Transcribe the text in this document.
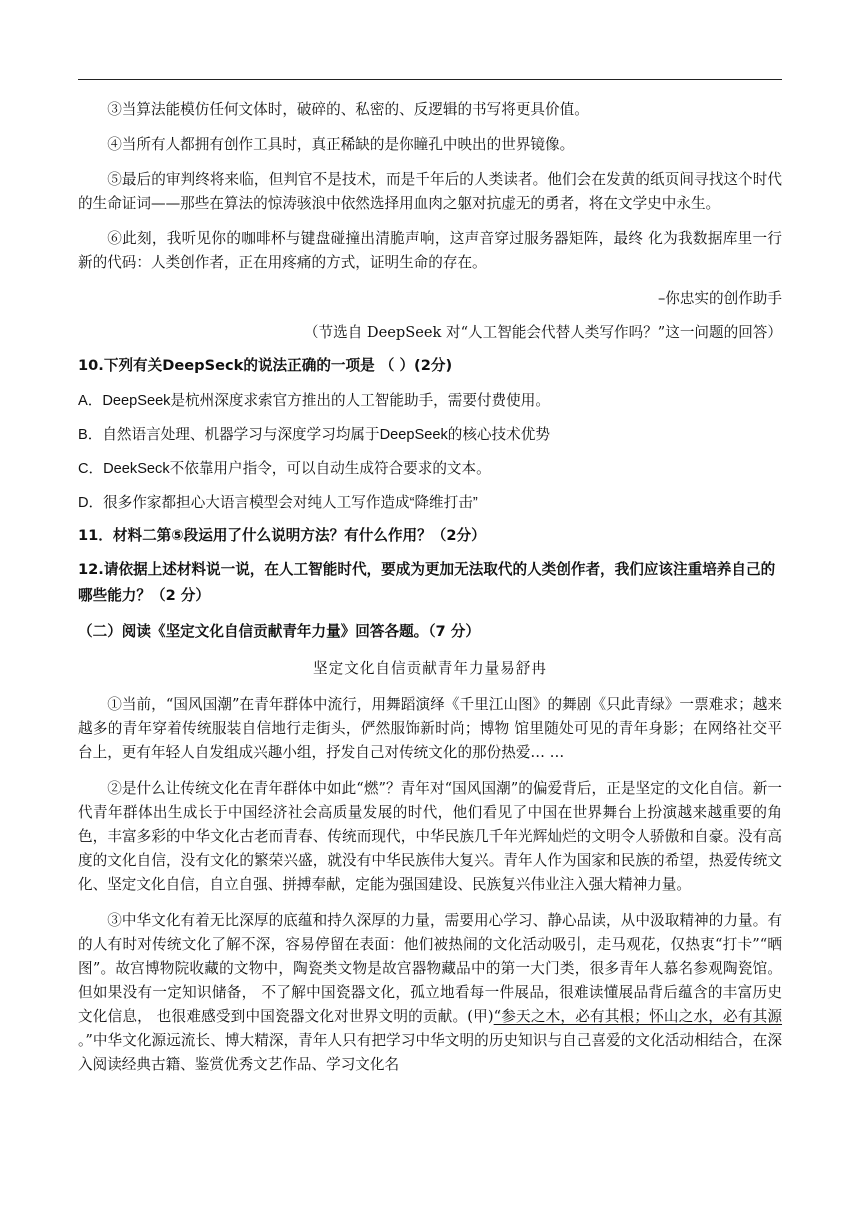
③当算法能模仿任何文体时，破碎的、私密的、反逻辑的书写将更具价值。

④当所有人都拥有创作工具时，真正稀缺的是你瞳孔中映出的世界镜像。

⑤最后的审判终将来临，但判官不是技术，而是千年后的人类读者。他们会在发黄的纸页间寻找这个时代的生命证词——那些在算法的惊涛骇浪中依然选择用血肉之躯对抗虚无的勇者，将在文学史中永生。

⑥此刻，我听见你的咖啡杯与键盘碰撞出清脆声响，这声音穿过服务器矩阵，最终 化为我数据库里一行新的代码：人类创作者，正在用疼痛的方式，证明生命的存在。

–你忠实的创作助手

（节选自 DeepSeek 对“人工智能会代替人类写作吗？”这一问题的回答）

10.下列有关DeepSeck的说法正确的一项是 （ ）(2分)

A．DeepSeek是杭州深度求索官方推出的人工智能助手，需要付费使用。

B．自然语言处理、机器学习与深度学习均属于DeepSeek的核心技术优势

C．DeekSeck不依靠用户指令，可以自动生成符合要求的文本。

D．很多作家都担心大语言模型会对纯人工写作造成“降维打击”

11．材料二第⑤段运用了什么说明方法？有什么作用？（2分）

12.请依据上述材料说一说，在人工智能时代，要成为更加无法取代的人类创作者，我们应该注重培养自己的哪些能力？（2 分）

（二）阅读《坚定文化自信贡献青年力量》回答各题。（7 分）

坚定文化自信贡献青年力量易舒冉

①当前，“国风国潮”在青年群体中流行，用舞蹈演绎《千里江山图》的舞剧《只此青绿》一票难求；越来越多的青年穿着传统服装自信地行走街头，俨然服饰新时尚；博物 馆里随处可见的青年身影；在网络社交平台上，更有年轻人自发组成兴趣小组，抒发自己对传统文化的那份热爱… …

②是什么让传统文化在青年群体中如此“燃”？青年对“国风国潮”的偏爱背后，正是坚定的文化自信。新一代青年群体出生成长于中国经济社会高质量发展的时代，他们看见了中国在世界舞台上扮演越来越重要的角色，丰富多彩的中华文化古老而青春、传统而现代，中华民族几千年光辉灿烂的文明令人骄傲和自豪。没有高度的文化自信，没有文化的繁荣兴盛，就没有中华民族伟大复兴。青年人作为国家和民族的希望，热爱传统文化、坚定文化自信，自立自强、拼搏奉献，定能为强国建设、民族复兴伟业注入强大精神力量。

③中华文化有着无比深厚的底蕴和持久深厚的力量，需要用心学习、静心品读，从中汲取精神的力量。有的人有时对传统文化了解不深，容易停留在表面：他们被热闹的文化活动吸引，走马观花，仅热衷“打卡”“晒图”。故宫博物院收藏的文物中，陶瓷类文物是故宫器物藏品中的第一大门类，很多青年人慕名参观陶瓷馆。但如果没有一定知识储备， 不了解中国瓷器文化，孤立地看每一件展品，很难读懂展品背后蕴含的丰富历史文化信息， 也很难感受到中国瓷器文化对世界文明的贡献。(甲)“参天之木，必有其根；怀山之水，必有其源 。”中华文化源远流长、博大精深，青年人只有把学习中华文明的历史知识与自己喜爱的文化活动相结合，在深入阅读经典古籍、鉴赏优秀文艺作品、学习文化名
